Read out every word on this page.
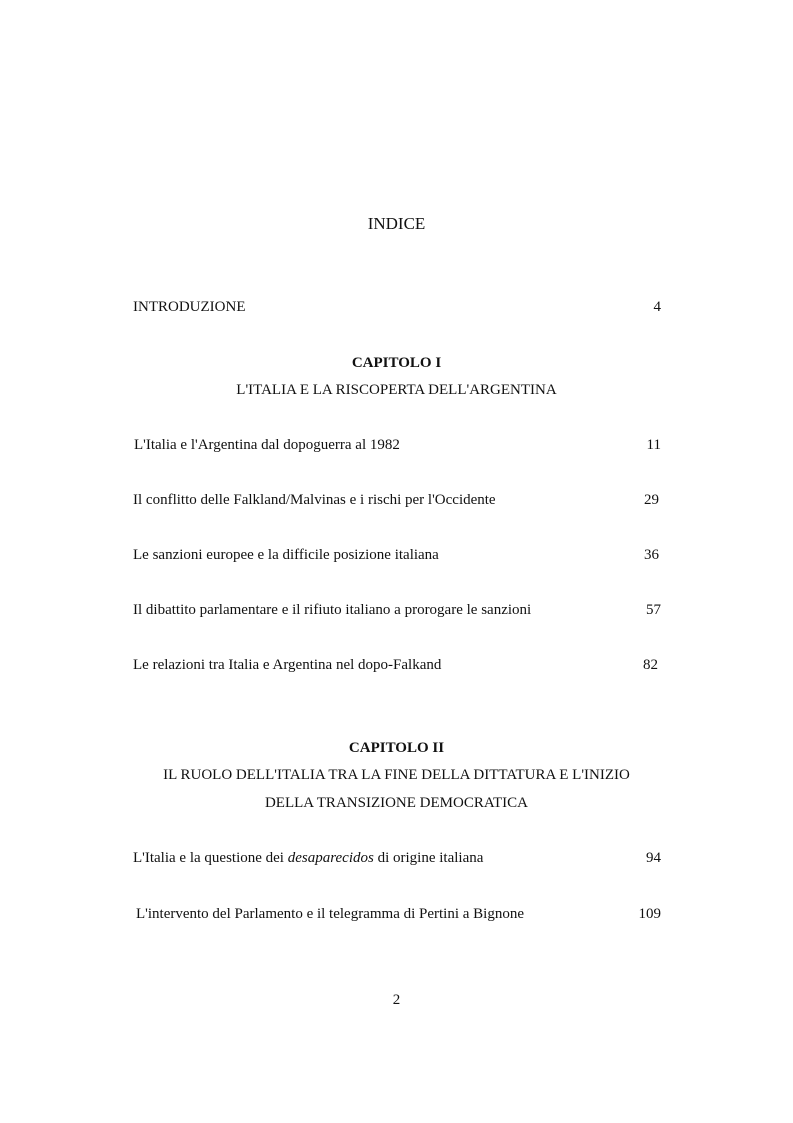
INDICE
INTRODUZIONE	4
CAPITOLO I
L'ITALIA E LA RISCOPERTA DELL'ARGENTINA
L'Italia e l'Argentina dal dopoguerra al 1982	11
Il conflitto delle Falkland/Malvinas e i rischi per l'Occidente	29
Le sanzioni europee e la difficile posizione italiana	36
Il dibattito parlamentare e il rifiuto italiano a prorogare le sanzioni	57
Le relazioni tra Italia e Argentina nel dopo-Falkand	82
CAPITOLO II
IL RUOLO DELL'ITALIA TRA LA FINE DELLA DITTATURA E L'INIZIO
DELLA TRANSIZIONE DEMOCRATICA
L'Italia e la questione dei desaparecidos di origine italiana	94
L'intervento del Parlamento e il telegramma di Pertini a Bignone	109
2
